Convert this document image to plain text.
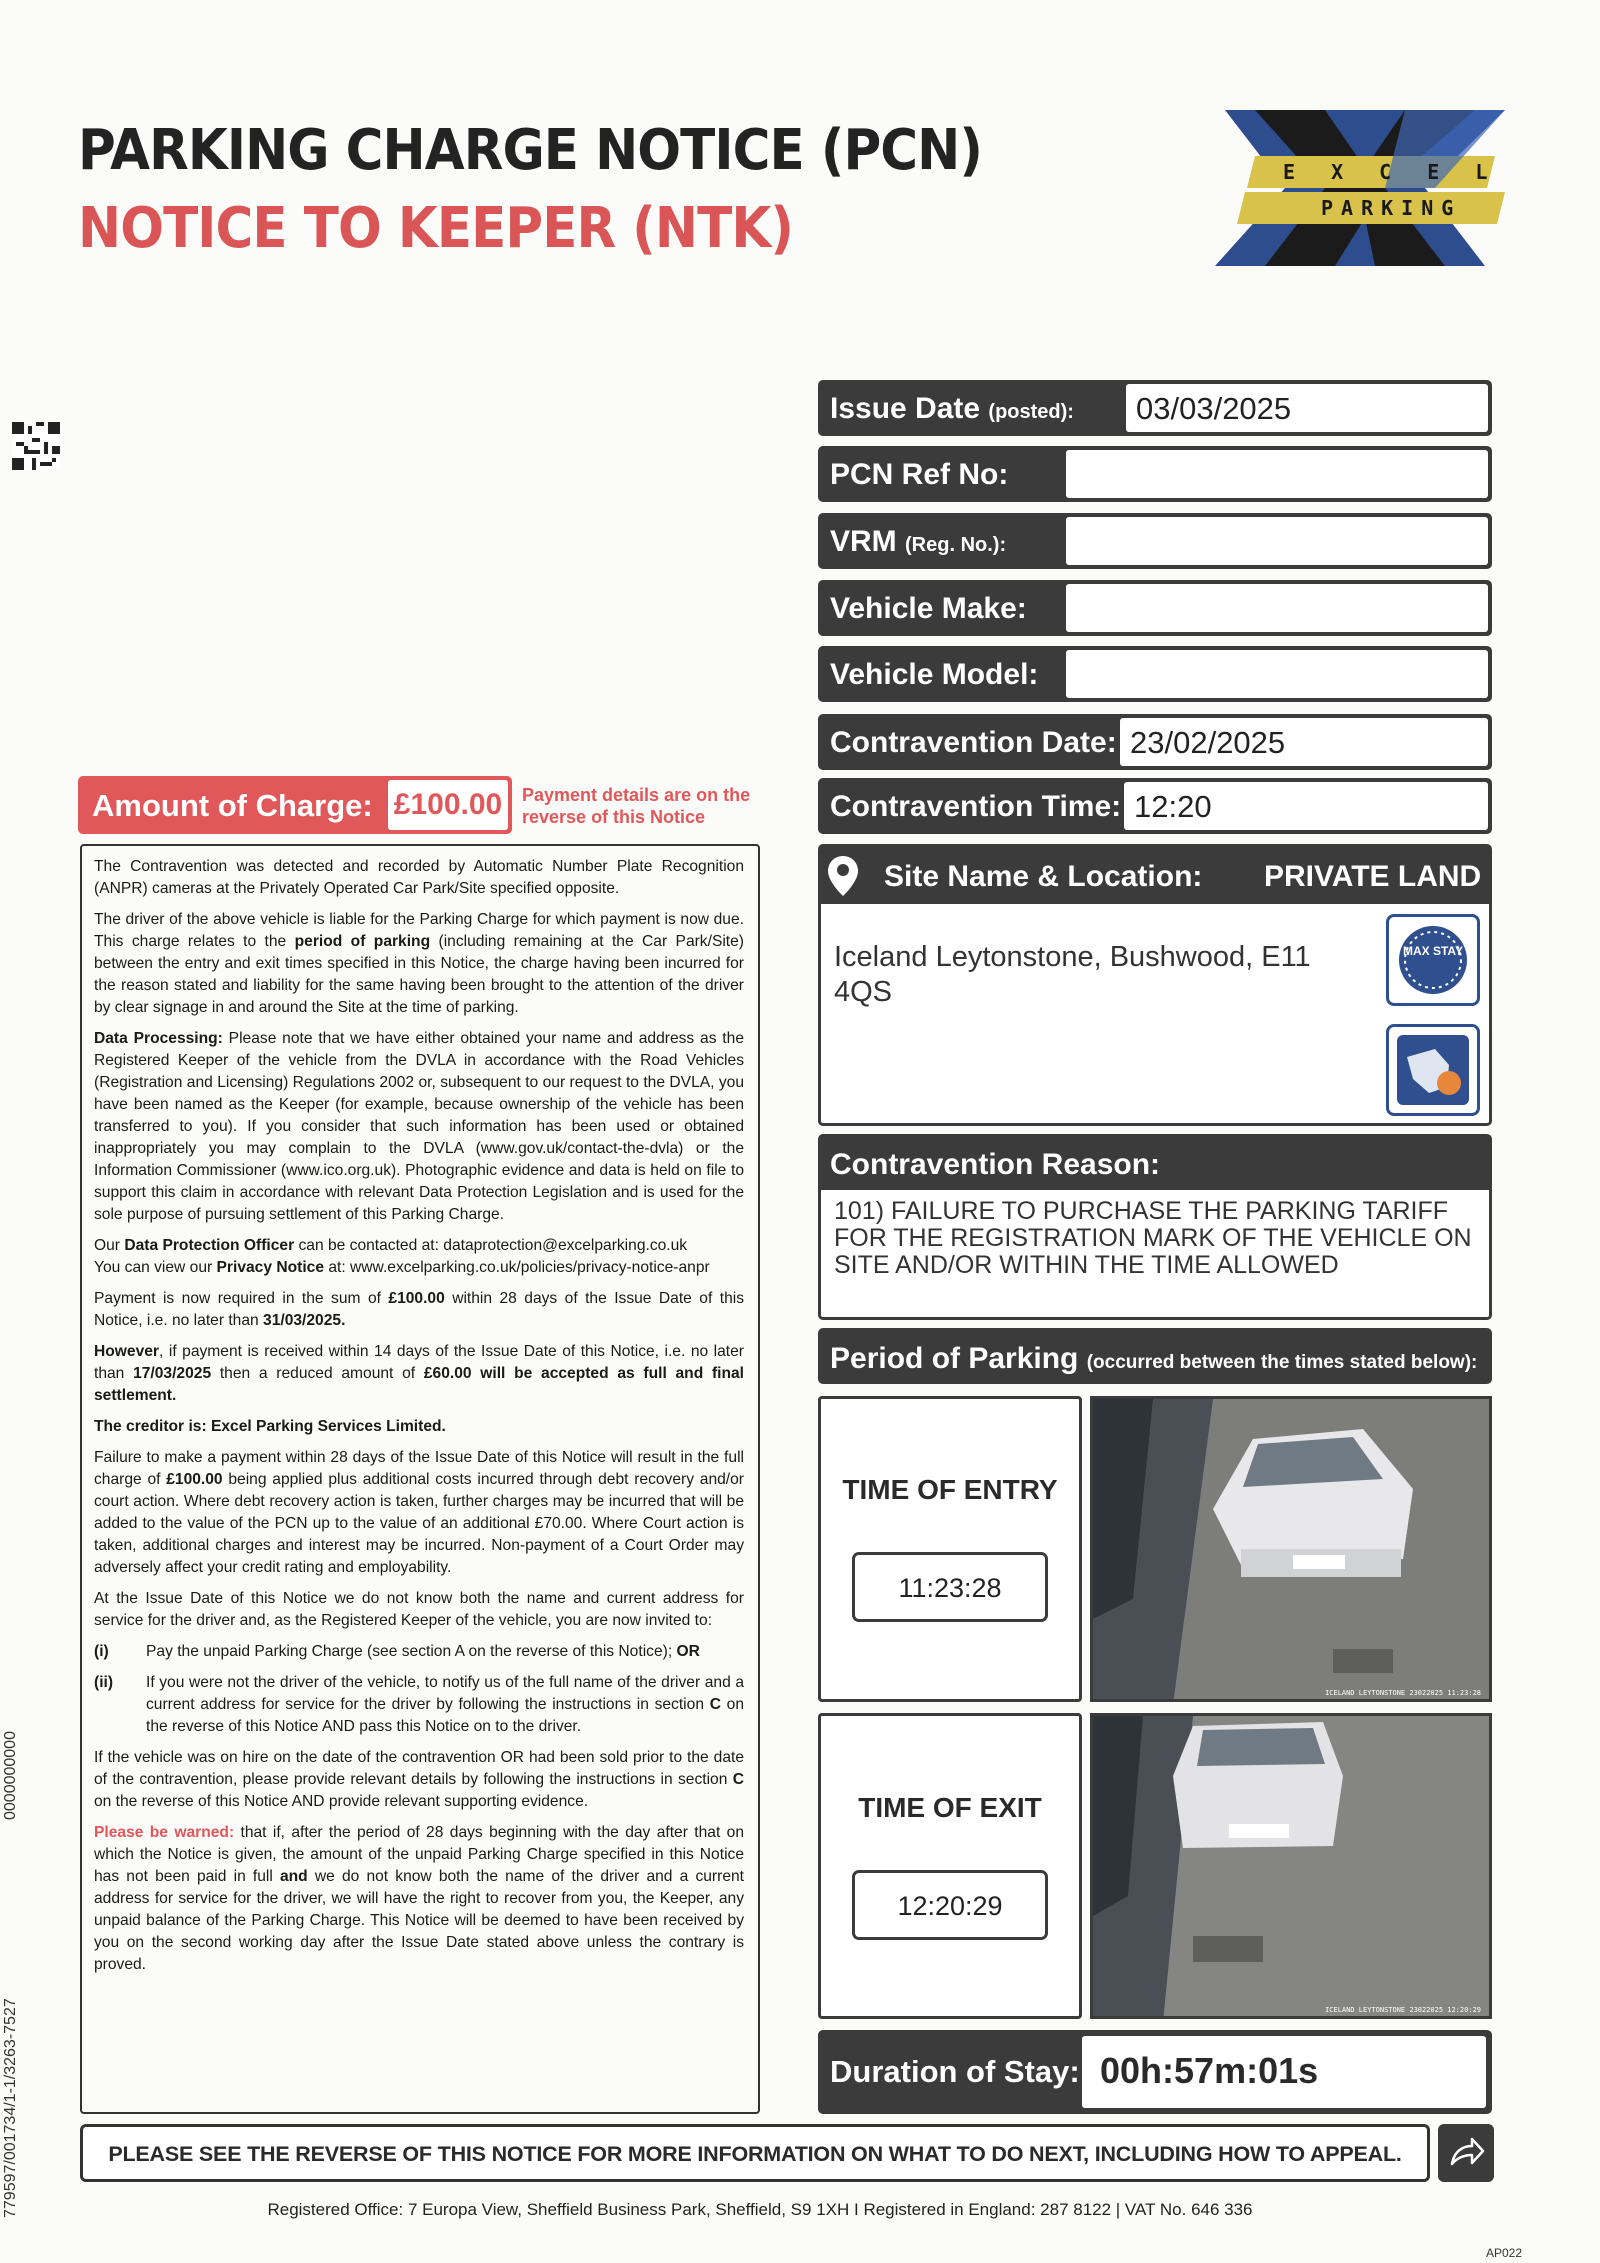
PARKING CHARGE NOTICE (PCN)
NOTICE TO KEEPER (NTK)
E X C E L
PARKING
Issue Date (posted):	03/03/2025
PCN Ref No:
VRM (Reg. No.):
Vehicle Make:
Vehicle Model:
Contravention Date: 23/02/2025
Contravention Time: 12:20
Amount of Charge: £100.00	Payment details are on the reverse of this Notice

The Contravention was detected and recorded by Automatic Number Plate Recognition (ANPR) cameras at the Privately Operated Car Park/Site specified opposite.

The driver of the above vehicle is liable for the Parking Charge for which payment is now due. This charge relates to the period of parking (including remaining at the Car Park/Site) between the entry and exit times specified in this Notice, the charge having been incurred for the reason stated and liability for the same having been brought to the attention of the driver by clear signage in and around the Site at the time of parking.

Data Processing: Please note that we have either obtained your name and address as the Registered Keeper of the vehicle from the DVLA in accordance with the Road Vehicles (Registration and Licensing) Regulations 2002 or, subsequent to our request to the DVLA, you have been named as the Keeper (for example, because ownership of the vehicle has been transferred to you). If you consider that such information has been used or obtained inappropriately you may complain to the DVLA (www.gov.uk/contact-the-dvla) or the Information Commissioner (www.ico.org.uk). Photographic evidence and data is held on file to support this claim in accordance with relevant Data Protection Legislation and is used for the sole purpose of pursuing settlement of this Parking Charge.

Our Data Protection Officer can be contacted at: dataprotection@excelparking.co.uk
You can view our Privacy Notice at: www.excelparking.co.uk/policies/privacy-notice-anpr

Payment is now required in the sum of £100.00 within 28 days of the Issue Date of this Notice, i.e. no later than 31/03/2025.

However, if payment is received within 14 days of the Issue Date of this Notice, i.e. no later than 17/03/2025 then a reduced amount of £60.00 will be accepted as full and final settlement.

The creditor is: Excel Parking Services Limited.

Failure to make a payment within 28 days of the Issue Date of this Notice will result in the full charge of £100.00 being applied plus additional costs incurred through debt recovery and/or court action. Where debt recovery action is taken, further charges may be incurred that will be added to the value of the PCN up to the value of an additional £70.00. Where Court action is taken, additional charges and interest may be incurred. Non-payment of a Court Order may adversely affect your credit rating and employability.

At the Issue Date of this Notice we do not know both the name and current address for service for the driver and, as the Registered Keeper of the vehicle, you are now invited to:

(i)	Pay the unpaid Parking Charge (see section A on the reverse of this Notice); OR
(ii)	If you were not the driver of the vehicle, to notify us of the full name of the driver and a current address for service for the driver by following the instructions in section C on the reverse of this Notice AND pass this Notice on to the driver.

If the vehicle was on hire on the date of the contravention OR had been sold prior to the date of the contravention, please provide relevant details by following the instructions in section C on the reverse of this Notice AND provide relevant supporting evidence.

Please be warned: that if, after the period of 28 days beginning with the day after that on which the Notice is given, the amount of the unpaid Parking Charge specified in this Notice has not been paid in full and we do not know both the name of the driver and a current address for service for the driver, we will have the right to recover from you, the Keeper, any unpaid balance of the Parking Charge. This Notice will be deemed to have been received by you on the second working day after the Issue Date stated above unless the contrary is proved.

Site Name & Location: PRIVATE LAND
Iceland Leytonstone, Bushwood, E11 4QS
MAX STAY
Contravention Reason:
101) FAILURE TO PURCHASE THE PARKING TARIFF FOR THE REGISTRATION MARK OF THE VEHICLE ON SITE AND/OR WITHIN THE TIME ALLOWED
Period of Parking (occurred between the times stated below):
TIME OF ENTRY
11:23:28
ICELAND LEYTONSTONE 23022025 11:23:28
TIME OF EXIT
12:20:29
ICELAND LEYTONSTONE 23022025 12:20:29
Duration of Stay: 00h:57m:01s
PLEASE SEE THE REVERSE OF THIS NOTICE FOR MORE INFORMATION ON WHAT TO DO NEXT, INCLUDING HOW TO APPEAL.
Registered Office: 7 Europa View, Sheffield Business Park, Sheffield, S9 1XH I Registered in England: 287 8122 | VAT No. 646 336
AP022
0000000000
779597/001734/1-1/3263-7527
